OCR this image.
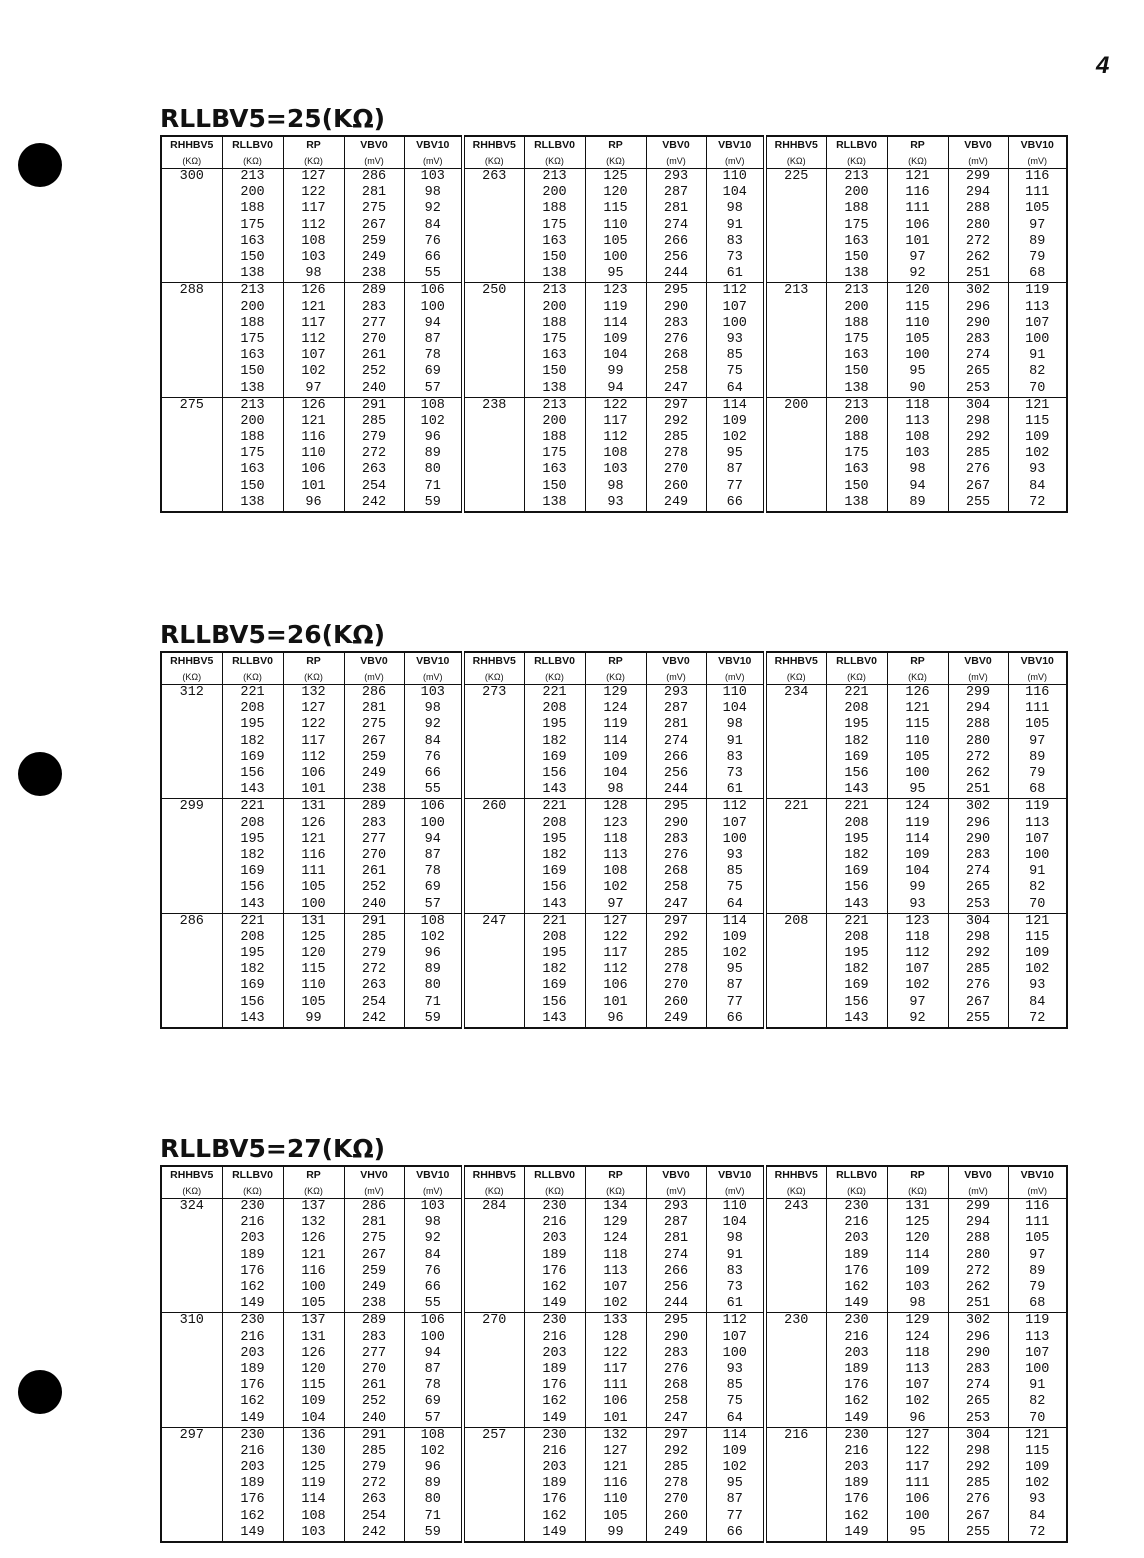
4
RLLBV5=25(KΩ)
RHHBV5	RLLBV0	RP	VBV0	VBV10	RHHBV5	RLLBV0	RP	VBV0	VBV10	RHHBV5	RLLBV0	RP	VBV0	VBV10
(KΩ)	(KΩ)	(KΩ)	(mV)	(mV)	(KΩ)	(KΩ)	(KΩ)	(mV)	(mV)	(KΩ)	(KΩ)	(KΩ)	(mV)	(mV)
300	213	127	286	103	263	213	125	293	110	225	213	121	299	116
	200	122	281	98		200	120	287	104		200	116	294	111
	188	117	275	92		188	115	281	98		188	111	288	105
	175	112	267	84		175	110	274	91		175	106	280	97
	163	108	259	76		163	105	266	83		163	101	272	89
	150	103	249	66		150	100	256	73		150	97	262	79
	138	98	238	55		138	95	244	61		138	92	251	68
288	213	126	289	106	250	213	123	295	112	213	213	120	302	119
	200	121	283	100		200	119	290	107		200	115	296	113
	188	117	277	94		188	114	283	100		188	110	290	107
	175	112	270	87		175	109	276	93		175	105	283	100
	163	107	261	78		163	104	268	85		163	100	274	91
	150	102	252	69		150	99	258	75		150	95	265	82
	138	97	240	57		138	94	247	64		138	90	253	70
275	213	126	291	108	238	213	122	297	114	200	213	118	304	121
	200	121	285	102		200	117	292	109		200	113	298	115
	188	116	279	96		188	112	285	102		188	108	292	109
	175	110	272	89		175	108	278	95		175	103	285	102
	163	106	263	80		163	103	270	87		163	98	276	93
	150	101	254	71		150	98	260	77		150	94	267	84
	138	96	242	59		138	93	249	66		138	89	255	72
RLLBV5=26(KΩ)
RHHBV5	RLLBV0	RP	VBV0	VBV10	RHHBV5	RLLBV0	RP	VBV0	VBV10	RHHBV5	RLLBV0	RP	VBV0	VBV10
(KΩ)	(KΩ)	(KΩ)	(mV)	(mV)	(KΩ)	(KΩ)	(KΩ)	(mV)	(mV)	(KΩ)	(KΩ)	(KΩ)	(mV)	(mV)
312	221	132	286	103	273	221	129	293	110	234	221	126	299	116
	208	127	281	98		208	124	287	104		208	121	294	111
	195	122	275	92		195	119	281	98		195	115	288	105
	182	117	267	84		182	114	274	91		182	110	280	97
	169	112	259	76		169	109	266	83		169	105	272	89
	156	106	249	66		156	104	256	73		156	100	262	79
	143	101	238	55		143	98	244	61		143	95	251	68
299	221	131	289	106	260	221	128	295	112	221	221	124	302	119
	208	126	283	100		208	123	290	107		208	119	296	113
	195	121	277	94		195	118	283	100		195	114	290	107
	182	116	270	87		182	113	276	93		182	109	283	100
	169	111	261	78		169	108	268	85		169	104	274	91
	156	105	252	69		156	102	258	75		156	99	265	82
	143	100	240	57		143	97	247	64		143	93	253	70
286	221	131	291	108	247	221	127	297	114	208	221	123	304	121
	208	125	285	102		208	122	292	109		208	118	298	115
	195	120	279	96		195	117	285	102		195	112	292	109
	182	115	272	89		182	112	278	95		182	107	285	102
	169	110	263	80		169	106	270	87		169	102	276	93
	156	105	254	71		156	101	260	77		156	97	267	84
	143	99	242	59		143	96	249	66		143	92	255	72
RLLBV5=27(KΩ)
RHHBV5	RLLBV0	RP	VHV0	VBV10	RHHBV5	RLLBV0	RP	VBV0	VBV10	RHHBV5	RLLBV0	RP	VBV0	VBV10
(KΩ)	(KΩ)	(KΩ)	(mV)	(mV)	(KΩ)	(KΩ)	(KΩ)	(mV)	(mV)	(KΩ)	(KΩ)	(KΩ)	(mV)	(mV)
324	230	137	286	103	284	230	134	293	110	243	230	131	299	116
	216	132	281	98		216	129	287	104		216	125	294	111
	203	126	275	92		203	124	281	98		203	120	288	105
	189	121	267	84		189	118	274	91		189	114	280	97
	176	116	259	76		176	113	266	83		176	109	272	89
	162	100	249	66		162	107	256	73		162	103	262	79
	149	105	238	55		149	102	244	61		149	98	251	68
310	230	137	289	106	270	230	133	295	112	230	230	129	302	119
	216	131	283	100		216	128	290	107		216	124	296	113
	203	126	277	94		203	122	283	100		203	118	290	107
	189	120	270	87		189	117	276	93		189	113	283	100
	176	115	261	78		176	111	268	85		176	107	274	91
	162	109	252	69		162	106	258	75		162	102	265	82
	149	104	240	57		149	101	247	64		149	96	253	70
297	230	136	291	108	257	230	132	297	114	216	230	127	304	121
	216	130	285	102		216	127	292	109		216	122	298	115
	203	125	279	96		203	121	285	102		203	117	292	109
	189	119	272	89		189	116	278	95		189	111	285	102
	176	114	263	80		176	110	270	87		176	106	276	93
	162	108	254	71		162	105	260	77		162	100	267	84
	149	103	242	59		149	99	249	66		149	95	255	72
